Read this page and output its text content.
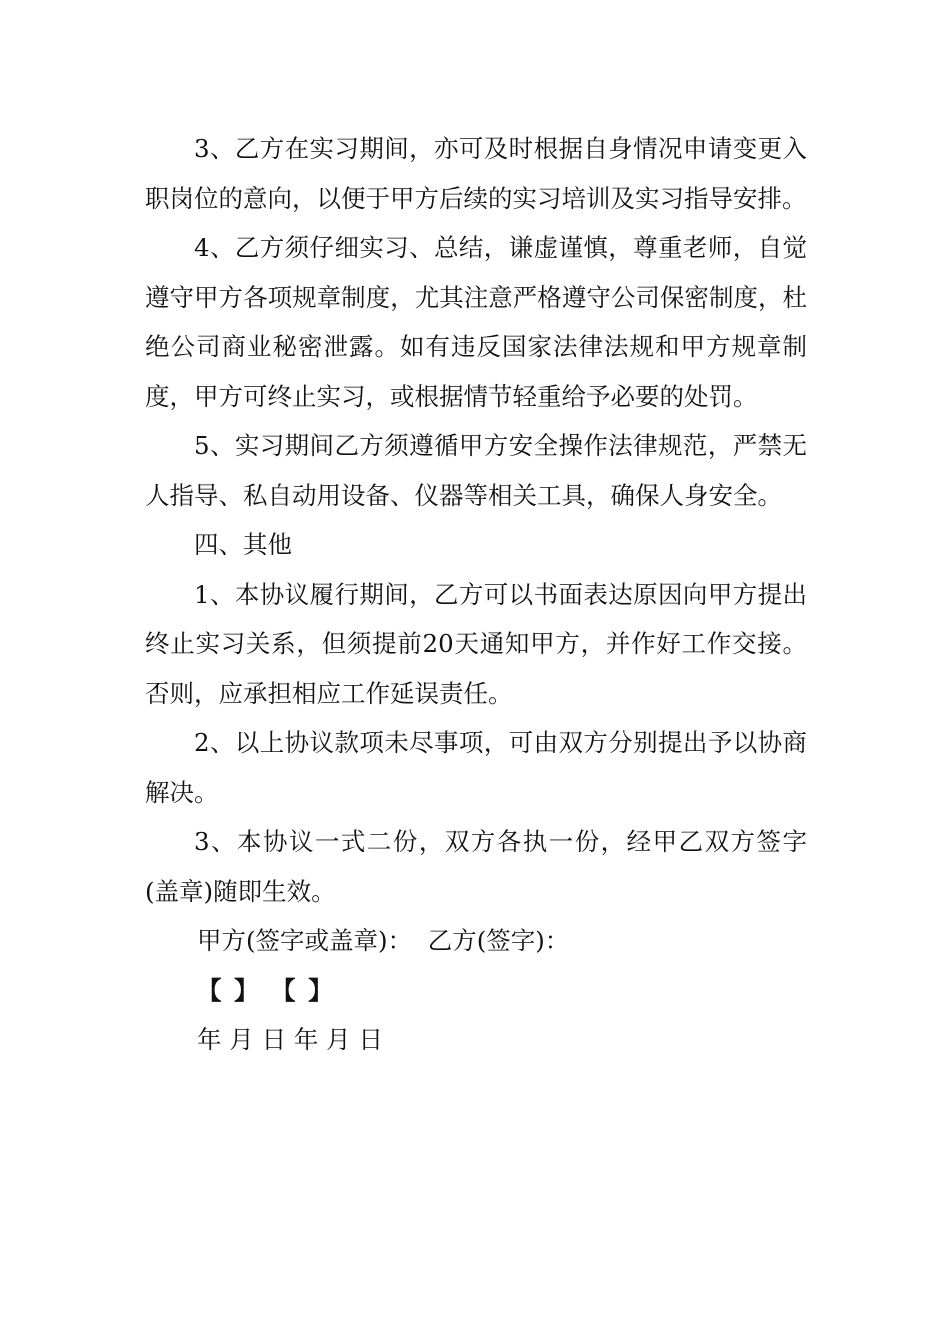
3、乙方在实习期间，亦可及时根据自身情况申请变更入职岗位的意向，以便于甲方后续的实习培训及实习指导安排。

4、乙方须仔细实习、总结，谦虚谨慎，尊重老师，自觉遵守甲方各项规章制度，尤其注意严格遵守公司保密制度，杜绝公司商业秘密泄露。如有违反国家法律法规和甲方规章制度，甲方可终止实习，或根据情节轻重给予必要的处罚。

5、实习期间乙方须遵循甲方安全操作法律规范，严禁无人指导、私自动用设备、仪器等相关工具，确保人身安全。

四、其他

1、本协议履行期间，乙方可以书面表达原因向甲方提出终止实习关系，但须提前20天通知甲方，并作好工作交接。否则，应承担相应工作延误责任。

2、以上协议款项未尽事项，可由双方分别提出予以协商解决。

3、本协议一式二份，双方各执一份，经甲乙双方签字(盖章)随即生效。

甲方(签字或盖章)：  乙方(签字)：

【 】 【 】

年 月 日 年 月 日
